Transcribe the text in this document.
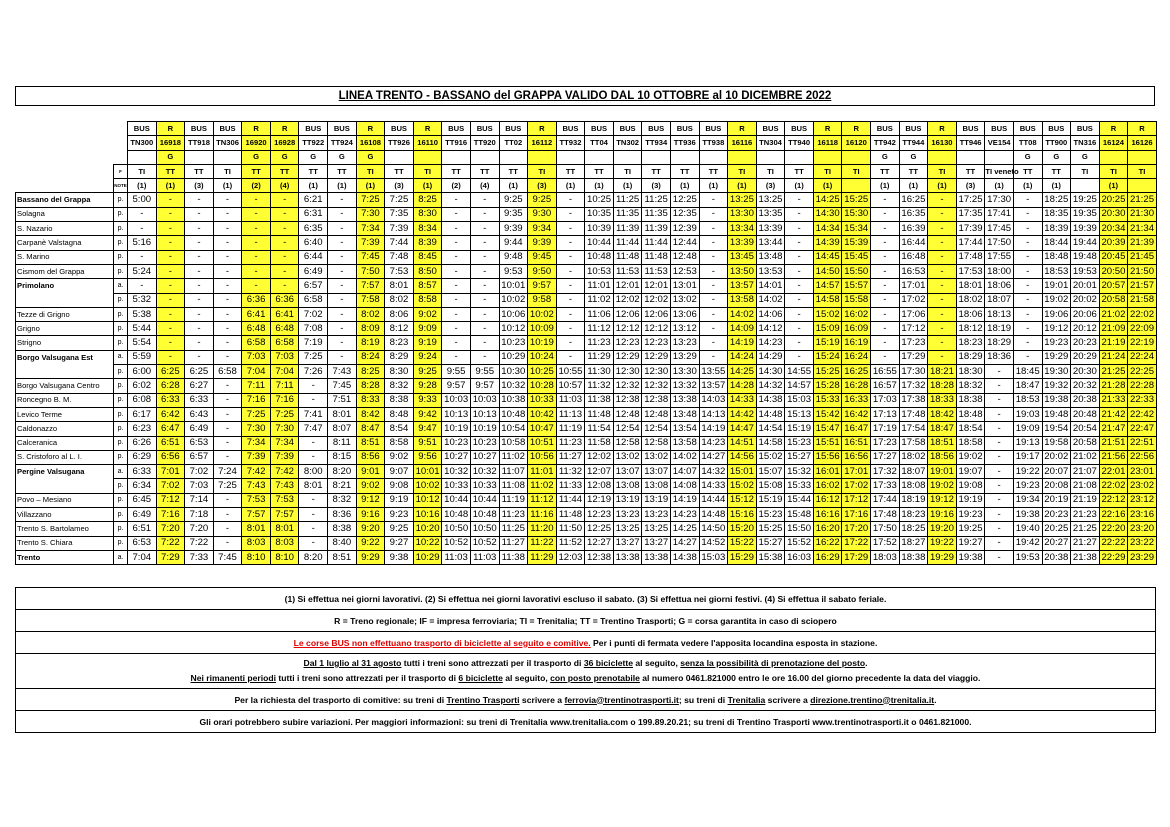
LINEA TRENTO - BASSANO del GRAPPA VALIDO DAL 10 OTTOBRE al 10 DICEMBRE 2022
		BUS	R	BUS	BUS	R	R	BUS	BUS	R	BUS	R	BUS	BUS	BUS	R	BUS	BUS	BUS	BUS	BUS	BUS	R	BUS	BUS	R	R	BUS	BUS	R	BUS	BUS	BUS	BUS	BUS	R	R
		TN300	16918	TT918	TN306	16920	16928	TT922	TT924	16108	TT926	16110	TT916	TT920	TT02	16112	TT932	TT04	TN302	TT934	TT936	TT938	16116	TN304	TT940	16118	16120	TT942	TT944	16130	TT946	VE154	TT08	TT900	TN316	16124	16126
			G			G	G	G	G	G																		G	G				G	G	G		
	F	TI	TT	TT	TI	TT	TT	TT	TT	TI	TT	TI	TT	TT	TT	TI	TT	TT	TI	TT	TT	TT	TI	TI	TT	TI	TI	TT	TT	TI	TT	TI veneto	TT	TT	TI	TI	TI
	NOTE	(1)	(1)	(3)	(1)	(2)	(4)	(1)	(1)	(1)	(3)	(1)	(2)	(4)	(1)	(3)	(1)	(1)	(1)	(3)	(1)	(1)	(1)	(3)	(1)	(1)		(1)	(1)	(1)	(3)	(1)	(1)	(1)		(1)	
Bassano del Grappa	p.	5:00	-	-	-	-	-	6:21	-	7:25	7:25	8:25	-	-	9:25	9:25	-	10:25	11:25	11:25	12:25	-	13:25	13:25	-	14:25	15:25	-	16:25	-	17:25	17:30	-	18:25	19:25	20:25	21:25
Solagna	p.	-	-	-	-	-	-	6:31	-	7:30	7:35	8:30	-	-	9:35	9:30	-	10:35	11:35	11:35	12:35	-	13:30	13:35	-	14:30	15:30	-	16:35	-	17:35	17:41	-	18:35	19:35	20:30	21:30
S. Nazario	p.	-	-	-	-	-	-	6:35	-	7:34	7:39	8:34	-	-	9:39	9:34	-	10:39	11:39	11:39	12:39	-	13:34	13:39	-	14:34	15:34	-	16:39	-	17:39	17:45	-	18:39	19:39	20:34	21:34
Carpanè Valstagna	p.	5:16	-	-	-	-	-	6:40	-	7:39	7:44	8:39	-	-	9:44	9:39	-	10:44	11:44	11:44	12:44	-	13:39	13:44	-	14:39	15:39	-	16:44	-	17:44	17:50	-	18:44	19:44	20:39	21:39
S. Marino	p.	-	-	-	-	-	-	6:44	-	7:45	7:48	8:45	-	-	9:48	9:45	-	10:48	11:48	11:48	12:48	-	13:45	13:48	-	14:45	15:45	-	16:48	-	17:48	17:55	-	18:48	19:48	20:45	21:45
Cismom del Grappa	p.	5:24	-	-	-	-	-	6:49	-	7:50	7:53	8:50	-	-	9:53	9:50	-	10:53	11:53	11:53	12:53	-	13:50	13:53	-	14:50	15:50	-	16:53	-	17:53	18:00	-	18:53	19:53	20:50	21:50
Primolano	a.	-	-	-	-	-	-	6:57	-	7:57	8:01	8:57	-	-	10:01	9:57	-	11:01	12:01	12:01	13:01	-	13:57	14:01	-	14:57	15:57	-	17:01	-	18:01	18:06	-	19:01	20:01	20:57	21:57
	p.	5:32	-	-	-	6:36	6:36	6:58	-	7:58	8:02	8:58	-	-	10:02	9:58	-	11:02	12:02	12:02	13:02	-	13:58	14:02	-	14:58	15:58	-	17:02	-	18:02	18:07	-	19:02	20:02	20:58	21:58
Tezze di Grigno	p.	5:38	-	-	-	6:41	6:41	7:02	-	8:02	8:06	9:02	-	-	10:06	10:02	-	11:06	12:06	12:06	13:06	-	14:02	14:06	-	15:02	16:02	-	17:06	-	18:06	18:13	-	19:06	20:06	21:02	22:02
Grigno	p.	5:44	-	-	-	6:48	6:48	7:08	-	8:09	8:12	9:09	-	-	10:12	10:09	-	11:12	12:12	12:12	13:12	-	14:09	14:12	-	15:09	16:09	-	17:12	-	18:12	18:19	-	19:12	20:12	21:09	22:09
Strigno	p.	5:54	-	-	-	6:58	6:58	7:19	-	8:19	8:23	9:19	-	-	10:23	10:19	-	11:23	12:23	12:23	13:23	-	14:19	14:23	-	15:19	16:19	-	17:23	-	18:23	18:29	-	19:23	20:23	21:19	22:19
Borgo Valsugana Est	a.	5:59	-	-	-	7:03	7:03	7:25	-	8:24	8:29	9:24	-	-	10:29	10:24	-	11:29	12:29	12:29	13:29	-	14:24	14:29	-	15:24	16:24	-	17:29	-	18:29	18:36	-	19:29	20:29	21:24	22:24
	p.	6:00	6:25	6:25	6:58	7:04	7:04	7:26	7:43	8:25	8:30	9:25	9:55	9:55	10:30	10:25	10:55	11:30	12:30	12:30	13:30	13:55	14:25	14:30	14:55	15:25	16:25	16:55	17:30	18:21	18:30	-	18:45	19:30	20:30	21:25	22:25
Borgo Valsugana Centro	p.	6:02	6:28	6:27	-	7:11	7:11	-	7:45	8:28	8:32	9:28	9:57	9:57	10:32	10:28	10:57	11:32	12:32	12:32	13:32	13:57	14:28	14:32	14:57	15:28	16:28	16:57	17:32	18:28	18:32	-	18:47	19:32	20:32	21:28	22:28
Roncegno B. M.	p.	6:08	6:33	6:33	-	7:16	7:16	-	7:51	8:33	8:38	9:33	10:03	10:03	10:38	10:33	11:03	11:38	12:38	12:38	13:38	14:03	14:33	14:38	15:03	15:33	16:33	17:03	17:38	18:33	18:38	-	18:53	19:38	20:38	21:33	22:33
Levico Terme	p.	6:17	6:42	6:43	-	7:25	7:25	7:41	8:01	8:42	8:48	9:42	10:13	10:13	10:48	10:42	11:13	11:48	12:48	12:48	13:48	14:13	14:42	14:48	15:13	15:42	16:42	17:13	17:48	18:42	18:48	-	19:03	19:48	20:48	21:42	22:42
Caldonazzo	p.	6:23	6:47	6:49	-	7:30	7:30	7:47	8:07	8:47	8:54	9:47	10:19	10:19	10:54	10:47	11:19	11:54	12:54	12:54	13:54	14:19	14:47	14:54	15:19	15:47	16:47	17:19	17:54	18:47	18:54	-	19:09	19:54	20:54	21:47	22:47
Calceranica	p.	6:26	6:51	6:53	-	7:34	7:34	-	8:11	8:51	8:58	9:51	10:23	10:23	10:58	10:51	11:23	11:58	12:58	12:58	13:58	14:23	14:51	14:58	15:23	15:51	16:51	17:23	17:58	18:51	18:58	-	19:13	19:58	20:58	21:51	22:51
S. Cristoforo al L. I.	p.	6:29	6:56	6:57	-	7:39	7:39	-	8:15	8:56	9:02	9:56	10:27	10:27	11:02	10:56	11:27	12:02	13:02	13:02	14:02	14:27	14:56	15:02	15:27	15:56	16:56	17:27	18:02	18:56	19:02	-	19:17	20:02	21:02	21:56	22:56
Pergine Valsugana	a.	6:33	7:01	7:02	7:24	7:42	7:42	8:00	8:20	9:01	9:07	10:01	10:32	10:32	11:07	11:01	11:32	12:07	13:07	13:07	14:07	14:32	15:01	15:07	15:32	16:01	17:01	17:32	18:07	19:01	19:07	-	19:22	20:07	21:07	22:01	23:01
	p.	6:34	7:02	7:03	7:25	7:43	7:43	8:01	8:21	9:02	9:08	10:02	10:33	10:33	11:08	11:02	11:33	12:08	13:08	13:08	14:08	14:33	15:02	15:08	15:33	16:02	17:02	17:33	18:08	19:02	19:08	-	19:23	20:08	21:08	22:02	23:02
Povo – Mesiano	p.	6:45	7:12	7:14	-	7:53	7:53	-	8:32	9:12	9:19	10:12	10:44	10:44	11:19	11:12	11:44	12:19	13:19	13:19	14:19	14:44	15:12	15:19	15:44	16:12	17:12	17:44	18:19	19:12	19:19	-	19:34	20:19	21:19	22:12	23:12
Villazzano	p.	6:49	7:16	7:18	-	7:57	7:57	-	8:36	9:16	9:23	10:16	10:48	10:48	11:23	11:16	11:48	12:23	13:23	13:23	14:23	14:48	15:16	15:23	15:48	16:16	17:16	17:48	18:23	19:16	19:23	-	19:38	20:23	21:23	22:16	23:16
Trento S. Bartolameo	p.	6:51	7:20	7:20	-	8:01	8:01	-	8:38	9:20	9:25	10:20	10:50	10:50	11:25	11:20	11:50	12:25	13:25	13:25	14:25	14:50	15:20	15:25	15:50	16:20	17:20	17:50	18:25	19:20	19:25	-	19:40	20:25	21:25	22:20	23:20
Trento S. Chiara	p.	6:53	7:22	7:22	-	8:03	8:03	-	8:40	9:22	9:27	10:22	10:52	10:52	11:27	11:22	11:52	12:27	13:27	13:27	14:27	14:52	15:22	15:27	15:52	16:22	17:22	17:52	18:27	19:22	19:27	-	19:42	20:27	21:27	22:22	23:22
Trento	a.	7:04	7:29	7:33	7:45	8:10	8:10	8:20	8:51	9:29	9:38	10:29	11:03	11:03	11:38	11:29	12:03	12:38	13:38	13:38	14:38	15:03	15:29	15:38	16:03	16:29	17:29	18:03	18:38	19:29	19:38	-	19:53	20:38	21:38	22:29	23:29
(1) Si effettua nei giorni lavorativi. (2) Si effettua nei giorni lavorativi escluso il sabato. (3) Si effettua nei giorni festivi. (4) Si effettua il sabato feriale.
R = Treno regionale; IF = impresa ferroviaria; TI = Trenitalia; TT = Trentino Trasporti; G = corsa garantita in caso di sciopero
Le corse BUS non effettuano trasporto di biciclette al seguito e comitive. Per i punti di fermata vedere l'apposita locandina esposta in stazione.
Dal 1 luglio al 31 agosto tutti i treni sono attrezzati per il trasporto di 36 biciclette al seguito, senza la possibilità di prenotazione del posto.
Nei rimanenti periodi tutti i treni sono attrezzati per il trasporto di 6 biciclette al seguito, con posto prenotabile al numero 0461.821000 entro le ore 16.00 del giorno precedente la data del viaggio.
Per la richiesta del trasporto di comitive: su treni di Trentino Trasporti scrivere a ferrovia@trentinotrasporti.it; su treni di Trenitalia scrivere a direzione.trentino@trenitalia.it.
Gli orari potrebbero subire variazioni. Per maggiori informazioni: su treni di Trenitalia www.trenitalia.com o 199.89.20.21; su treni di Trentino Trasporti www.trentinotrasporti.it o 0461.821000.
